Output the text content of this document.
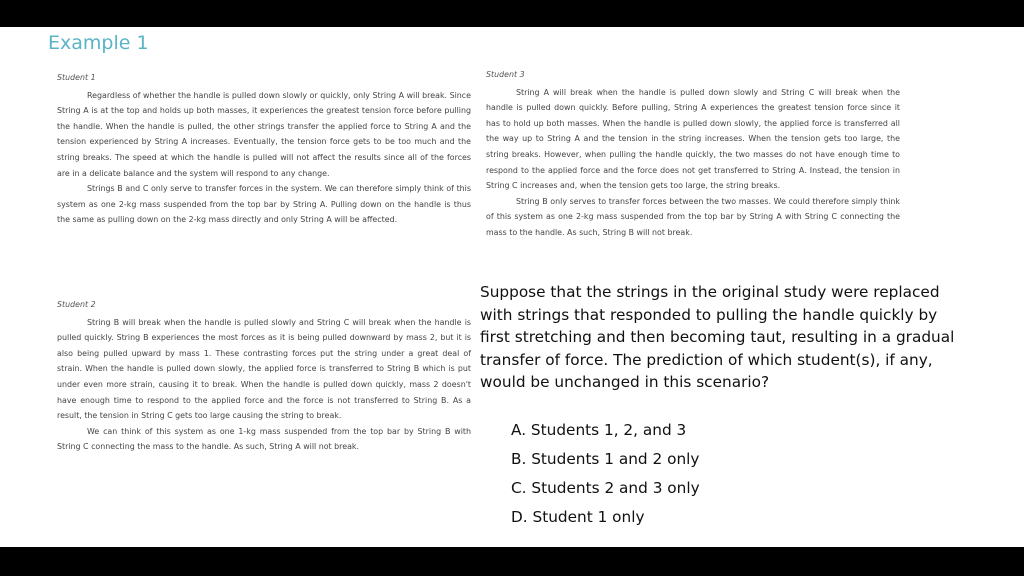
Example 1

Student 1

Regardless of whether the handle is pulled down slowly or quickly, only String A will break. Since String A is at the top and holds up both masses, it experiences the greatest tension force before pulling the handle. When the handle is pulled, the other strings transfer the applied force to String A and the tension experienced by String A increases. Eventually, the tension force gets to be too much and the string breaks. The speed at which the handle is pulled will not affect the results since all of the forces are in a delicate balance and the system will respond to any change.

Strings B and C only serve to transfer forces in the system. We can therefore simply think of this system as one 2-kg mass suspended from the top bar by String A. Pulling down on the handle is thus the same as pulling down on the 2-kg mass directly and only String A will be affected.

Student 2

String B will break when the handle is pulled slowly and String C will break when the handle is pulled quickly. String B experiences the most forces as it is being pulled downward by mass 2, but it is also being pulled upward by mass 1. These contrasting forces put the string under a great deal of strain. When the handle is pulled down slowly, the applied force is transferred to String B which is put under even more strain, causing it to break. When the handle is pulled down quickly, mass 2 doesn't have enough time to respond to the applied force and the force is not transferred to String B. As a result, the tension in String C gets too large causing the string to break.

We can think of this system as one 1-kg mass suspended from the top bar by String B with String C connecting the mass to the handle. As such, String A will not break.

Student 3

String A will break when the handle is pulled down slowly and String C will break when the handle is pulled down quickly. Before pulling, String A experiences the greatest tension force since it has to hold up both masses. When the handle is pulled down slowly, the applied force is transferred all the way up to String A and the tension in the string increases. When the tension gets too large, the string breaks. However, when pulling the handle quickly, the two masses do not have enough time to respond to the applied force and the force does not get transferred to String A. Instead, the tension in String C increases and, when the tension gets too large, the string breaks.

String B only serves to transfer forces between the two masses. We could therefore simply think of this system as one 2-kg mass suspended from the top bar by String A with String C connecting the mass to the handle. As such, String B will not break.

Suppose that the strings in the original study were replaced with strings that responded to pulling the handle quickly by first stretching and then becoming taut, resulting in a gradual transfer of force. The prediction of which student(s), if any, would be unchanged in this scenario?
A. Students 1, 2, and 3
B. Students 1 and 2 only
C. Students 2 and 3 only
D. Student 1 only
